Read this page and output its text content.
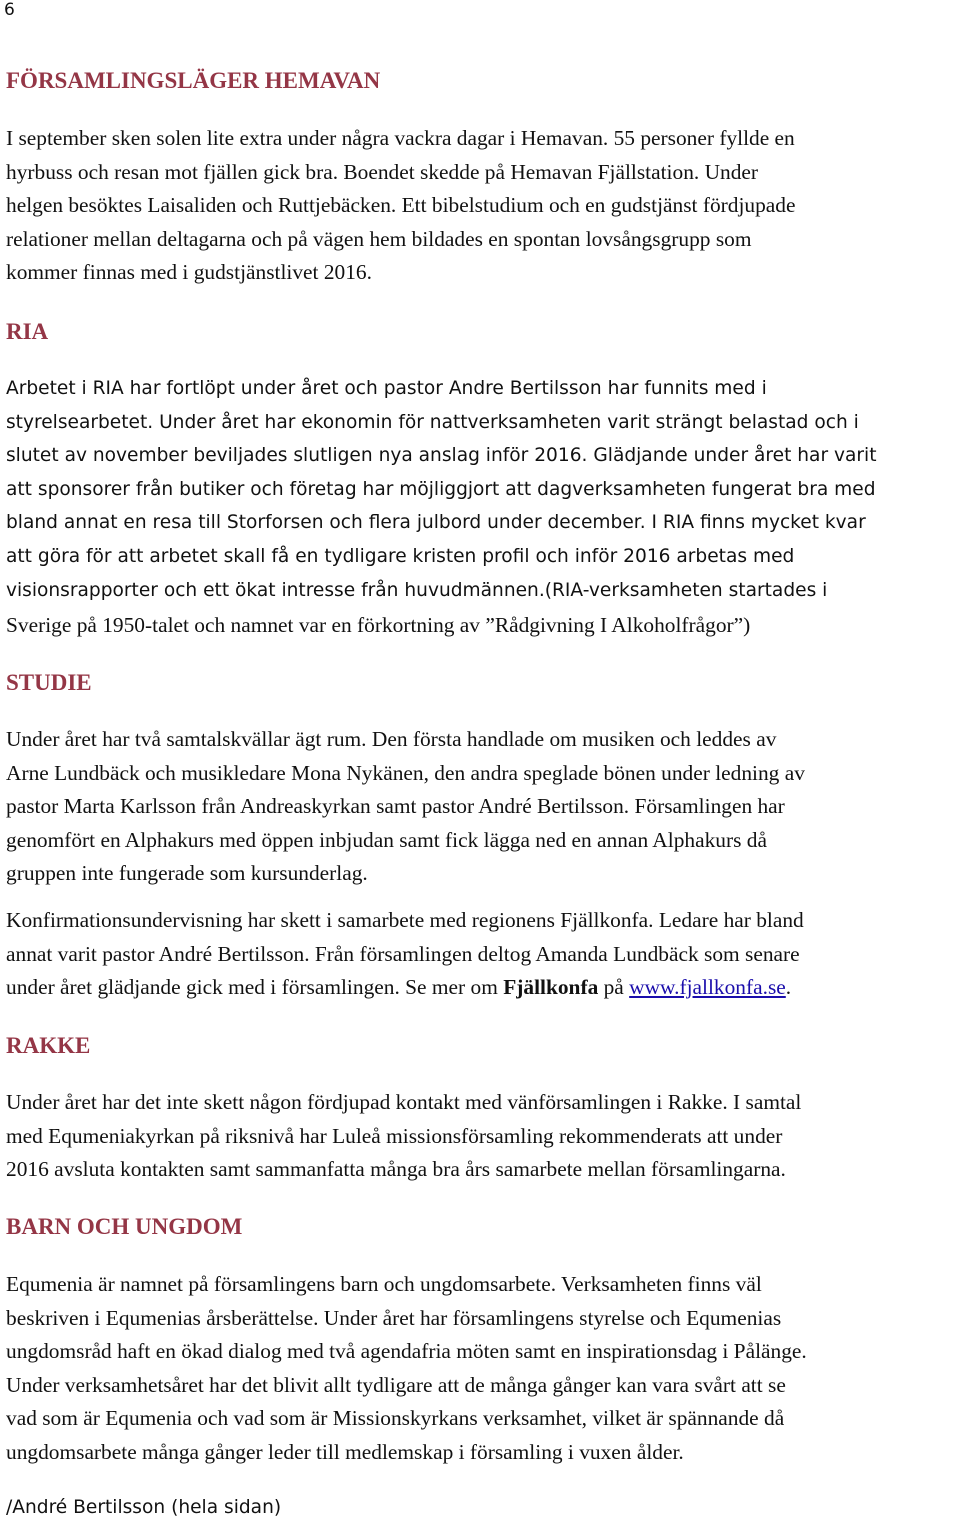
6
FÖRSAMLINGSLÄGER HEMAVAN
I september sken solen lite extra under några vackra dagar i Hemavan. 55 personer fyllde en
hyrbuss och resan mot fjällen gick bra. Boendet skedde på Hemavan Fjällstation. Under
helgen besöktes Laisaliden och Ruttjebäcken. Ett bibelstudium och en gudstjänst fördjupade
relationer mellan deltagarna och på vägen hem bildades en spontan lovsångsgrupp som
kommer finnas med i gudstjänstlivet 2016.
RIA
Arbetet i RIA har fortlöpt under året och pastor Andre Bertilsson har funnits med i
styrelsearbetet. Under året har ekonomin för nattverksamheten varit strängt belastad och i
slutet av november beviljades slutligen nya anslag inför 2016. Glädjande under året har varit
att sponsorer från butiker och företag har möjliggjort att dagverksamheten fungerat bra med
bland annat en resa till Storforsen och flera julbord under december. I RIA finns mycket kvar
att göra för att arbetet skall få en tydligare kristen profil och inför 2016 arbetas med
visionsrapporter och ett ökat intresse från huvudmännen.(RIA-verksamheten startades i
Sverige på 1950-talet och namnet var en förkortning av ”Rådgivning I Alkoholfrågor”)
STUDIE
Under året har två samtalskvällar ägt rum. Den första handlade om musiken och leddes av
Arne Lundbäck och musikledare Mona Nykänen, den andra speglade bönen under ledning av
pastor Marta Karlsson från Andreaskyrkan samt pastor André Bertilsson. Församlingen har
genomfört en Alphakurs med öppen inbjudan samt fick lägga ned en annan Alphakurs då
gruppen inte fungerade som kursunderlag.
Konfirmationsundervisning har skett i samarbete med regionens Fjällkonfa. Ledare har bland
annat varit pastor André Bertilsson. Från församlingen deltog Amanda Lundbäck som senare
under året glädjande gick med i församlingen. Se mer om Fjällkonfa på www.fjallkonfa.se.
RAKKE
Under året har det inte skett någon fördjupad kontakt med vänförsamlingen i Rakke. I samtal
med Equmeniakyrkan på riksnivå har Luleå missionsförsamling rekommenderats att under
2016 avsluta kontakten samt sammanfatta många bra års samarbete mellan församlingarna.
BARN OCH UNGDOM
Equmenia är namnet på församlingens barn och ungdomsarbete. Verksamheten finns väl
beskriven i Equmenias årsberättelse. Under året har församlingens styrelse och Equmenias
ungdomsråd haft en ökad dialog med två agendafria möten samt en inspirationsdag i Pålänge.
Under verksamhetsåret har det blivit allt tydligare att de många gånger kan vara svårt att se
vad som är Equmenia och vad som är Missionskyrkans verksamhet, vilket är spännande då
ungdomsarbete många gånger leder till medlemskap i församling i vuxen ålder.
/André Bertilsson (hela sidan)
